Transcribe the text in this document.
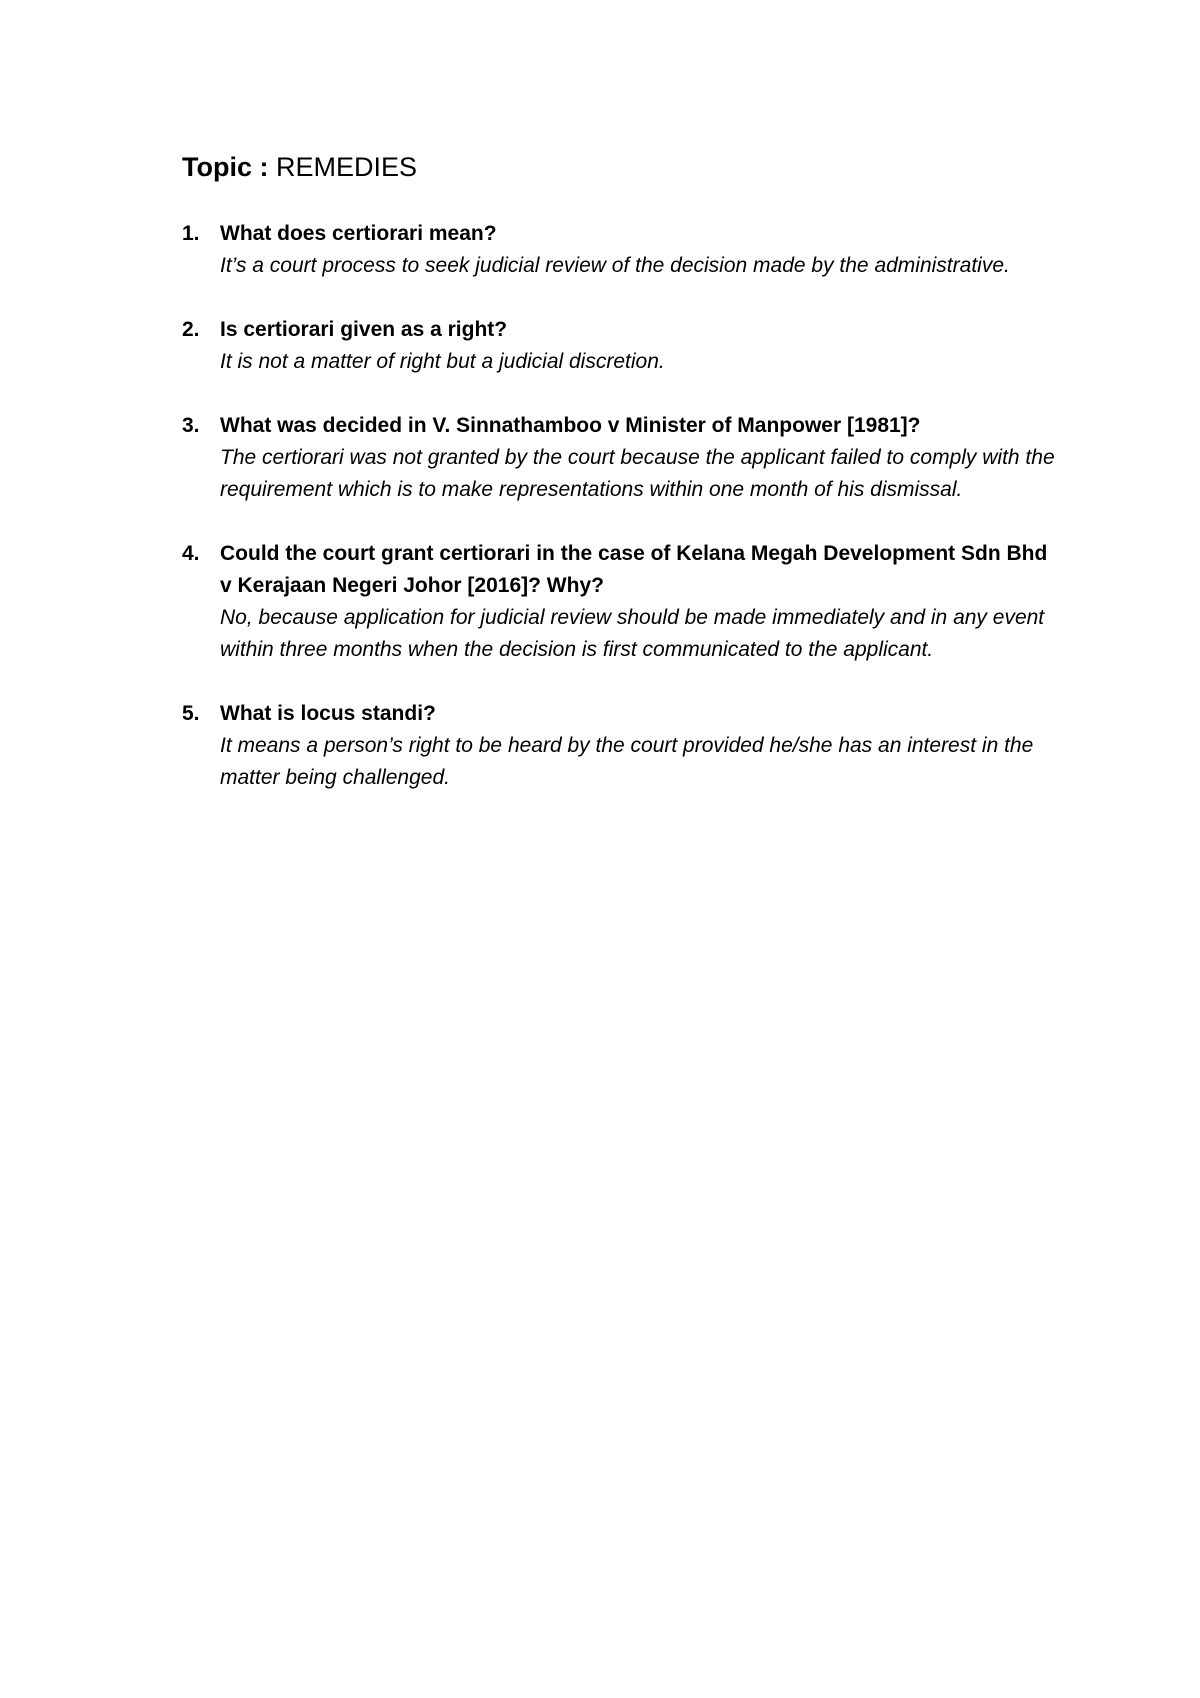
Topic : REMEDIES
1. What does certiorari mean?
It’s a court process to seek judicial review of the decision made by the administrative.
2. Is certiorari given as a right?
It is not a matter of right but a judicial discretion.
3. What was decided in V. Sinnathamboo v Minister of Manpower [1981]?
The certiorari was not granted by the court because the applicant failed to comply with the requirement which is to make representations within one month of his dismissal.
4. Could the court grant certiorari in the case of Kelana Megah Development Sdn Bhd v Kerajaan Negeri Johor [2016]? Why?
No, because application for judicial review should be made immediately and in any event within three months when the decision is first communicated to the applicant.
5. What is locus standi?
It means a person’s right to be heard by the court provided he/she has an interest in the matter being challenged.
